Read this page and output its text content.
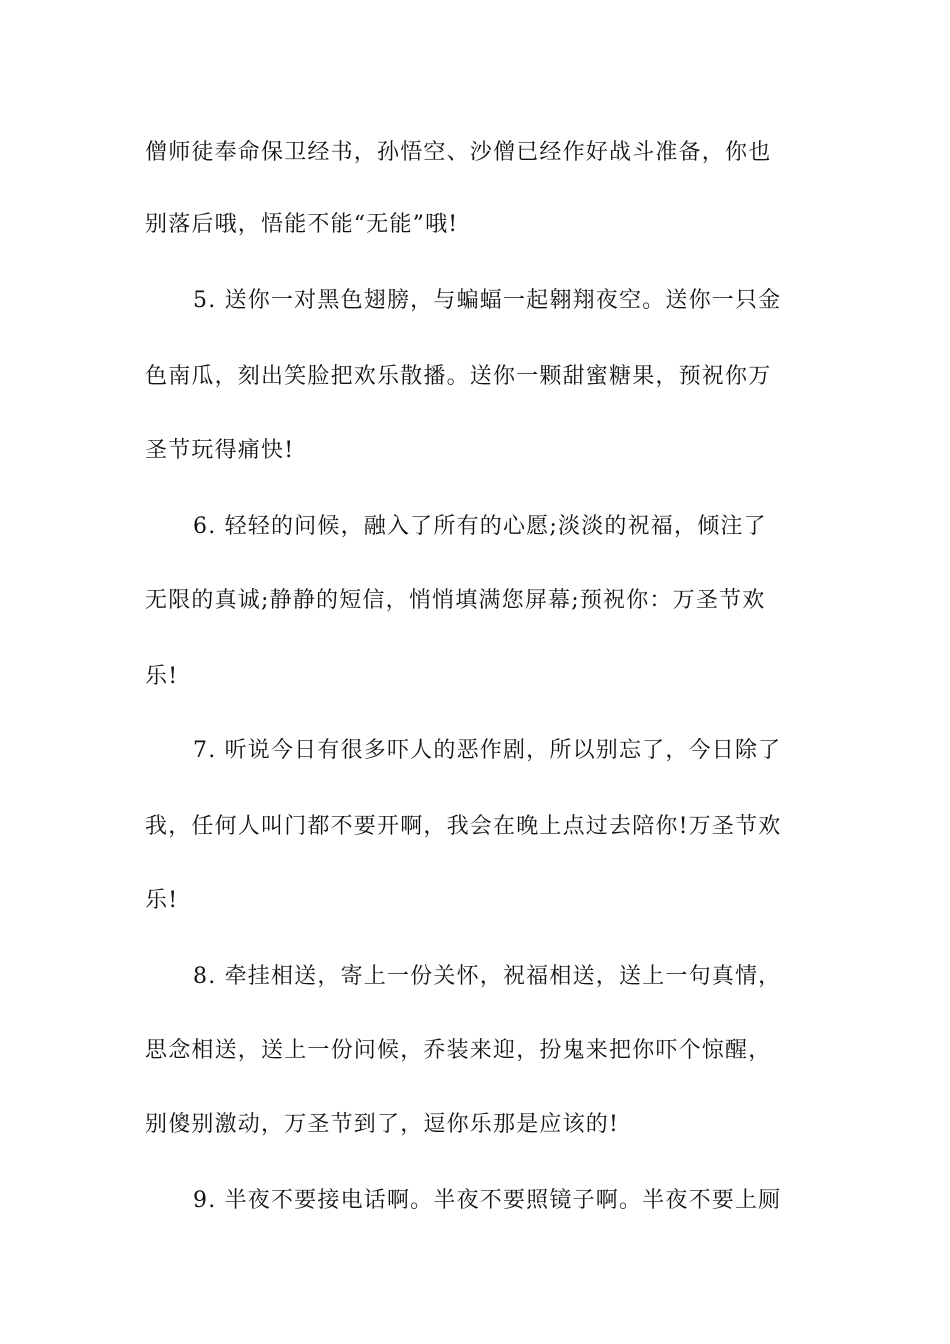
僧师徒奉命保卫经书，孙悟空、沙僧已经作好战斗准备，你也

别落后哦，悟能不能“无能”哦!

5. 送你一对黑色翅膀，与蝙蝠一起翱翔夜空。送你一只金

色南瓜，刻出笑脸把欢乐散播。送你一颗甜蜜糖果，预祝你万

圣节玩得痛快!

6. 轻轻的问候，融入了所有的心愿;淡淡的祝福，倾注了

无限的真诚;静静的短信，悄悄填满您屏幕;预祝你：万圣节欢

乐!

7. 听说今日有很多吓人的恶作剧，所以别忘了，今日除了

我，任何人叫门都不要开啊，我会在晚上点过去陪你!万圣节欢

乐!

8. 牵挂相送，寄上一份关怀，祝福相送，送上一句真情，

思念相送，送上一份问候，乔装来迎，扮鬼来把你吓个惊醒，

别傻别激动，万圣节到了，逗你乐那是应该的!

9. 半夜不要接电话啊。半夜不要照镜子啊。半夜不要上厕
